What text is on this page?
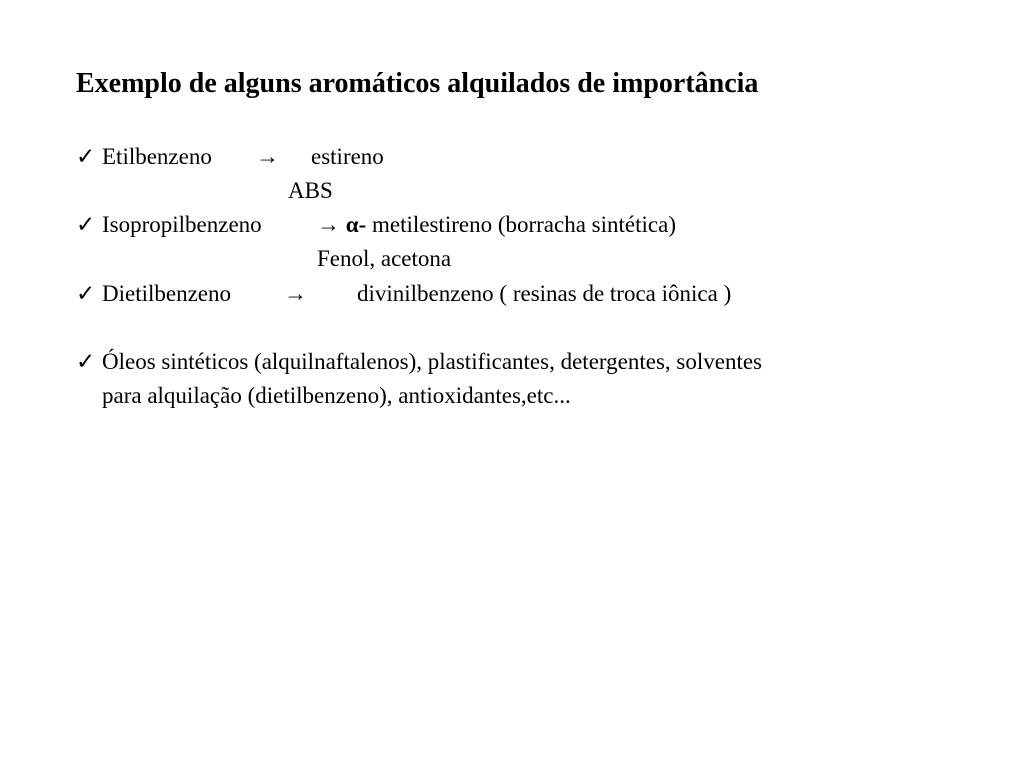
Exemplo de alguns aromáticos alquilados de importância
✓ Etilbenzeno → estireno
ABS
✓ Isopropilbenzeno → α- metilestireno (borracha sintética)
Fenol, acetona
✓ Dietilbenzeno → divinilbenzeno ( resinas de troca iônica )
✓ Óleos sintéticos (alquilnaftalenos), plastificantes, detergentes, solventes
para alquilação (dietilbenzeno), antioxidantes,etc...
